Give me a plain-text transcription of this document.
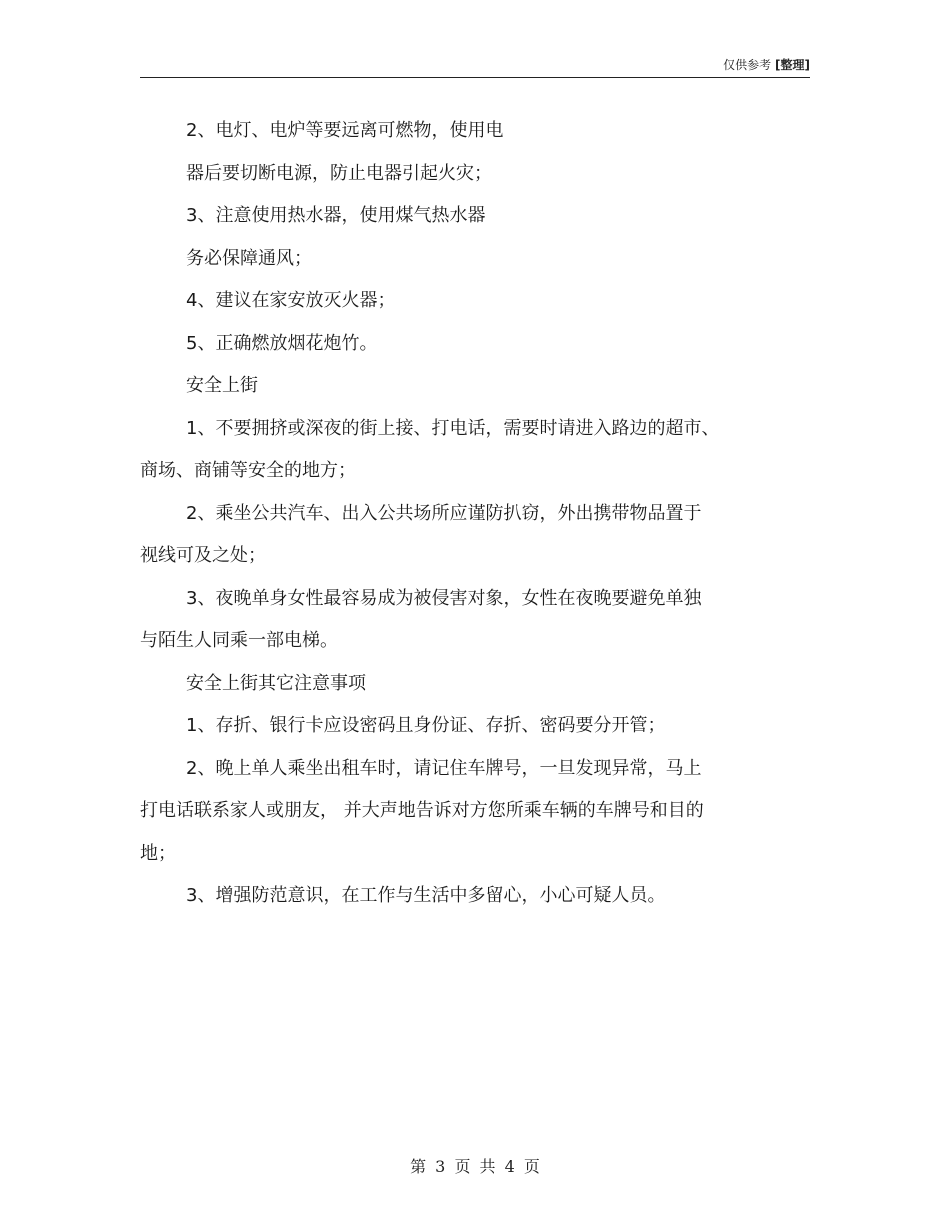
仅供参考 [整理]

2、电灯、电炉等要远离可燃物，使用电

器后要切断电源，防止电器引起火灾；

3、注意使用热水器，使用煤气热水器

务必保障通风；

4、建议在家安放灭火器；

5、正确燃放烟花炮竹。

安全上街

1、不要拥挤或深夜的街上接、打电话，需要时请进入路边的超市、

商场、商铺等安全的地方；

2、乘坐公共汽车、出入公共场所应谨防扒窃，外出携带物品置于

视线可及之处；

3、夜晚单身女性最容易成为被侵害对象，女性在夜晚要避免单独

与陌生人同乘一部电梯。

安全上街其它注意事项

1、存折、银行卡应设密码且身份证、存折、密码要分开管；

2、晚上单人乘坐出租车时，请记住车牌号，一旦发现异常，马上

打电话联系家人或朋友， 并大声地告诉对方您所乘车辆的车牌号和目的

地；

3、增强防范意识，在工作与生活中多留心，小心可疑人员。

第 3 页 共 4 页
